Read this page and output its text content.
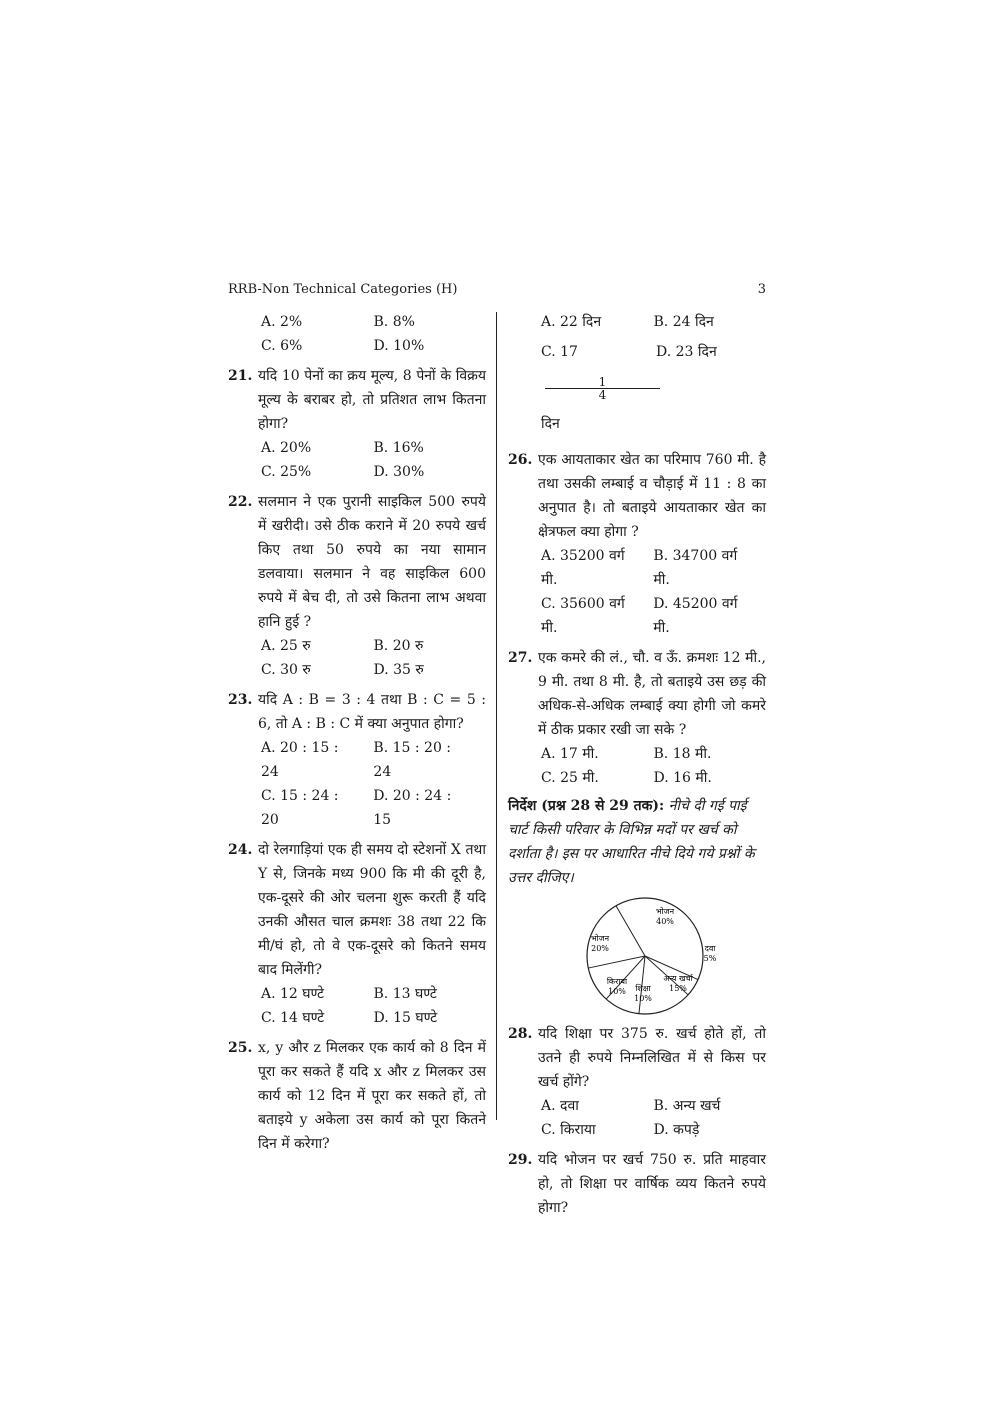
RRB-Non Technical Categories (H)	3
A. 2%	B. 8%
C. 6%	D. 10%
21. यदि 10 पेनों का क्रय मूल्य, 8 पेनों के विक्रय मूल्य के बराबर हो, तो प्रतिशत लाभ कितना होगा?
A. 20%	B. 16%
C. 25%	D. 30%
22. सलमान ने एक पुरानी साइकिल 500 रुपये में खरीदी। उसे ठीक कराने में 20 रुपये खर्च किए तथा 50 रुपये का नया सामान डलवाया। सलमान ने वह साइकिल 600 रुपये में बेच दी, तो उसे कितना लाभ अथवा हानि हुई ?
A. 25 रु	B. 20 रु
C. 30 रु	D. 35 रु
23. यदि A : B = 3 : 4 तथा B : C = 5 : 6, तो A : B : C में क्या अनुपात होगा?
A. 20 : 15 : 24
B. 15 : 20 : 24
C. 15 : 24 : 20
D. 20 : 24 : 15
24. दो रेलगाड़ियां एक ही समय दो स्टेशनों X तथा Y से, जिनके मध्य 900 कि मी की दूरी है, एक-दूसरे की ओर चलना शुरू करती हैं यदि उनकी औसत चाल क्रमशः 38 तथा 22 कि मी/घं हो, तो वे एक-दूसरे को कितने समय बाद मिलेंगी?
A. 12 घण्टे	B. 13 घण्टे
C. 14 घण्टे	D. 15 घण्टे
25. x, y और z मिलकर एक कार्य को 8 दिन में पूरा कर सकते हैं यदि x और z मिलकर उस कार्य को 12 दिन में पूरा कर सकते हों, तो बताइये y अकेला उस कार्य को पूरा कितने दिन में करेगा?
A. 22 दिन	B. 24 दिन
C. $17\frac{1}{4}दिन$
D. 23 दिन
26. एक आयताकार खेत का परिमाप 760 मी. है तथा उसकी लम्बाई व चौड़ाई में 11 : 8 का अनुपात है। तो बताइये आयताकार खेत का क्षेत्रफल क्या होगा ?
A. 35200 वर्ग मी.
B. 34700 वर्ग मी.
C. 35600 वर्ग मी.
D. 45200 वर्ग मी.
27. एक कमरे की लं., चौ. व ऊँ. क्रमशः 12 मी., 9 मी. तथा 8 मी. है, तो बताइये उस छड़ की अधिक-से-अधिक लम्बाई क्या होगी जो कमरे में ठीक प्रकार रखी जा सके ?
A. 17 मी.	B. 18 मी.
C. 25 मी.	D. 16 मी.
निर्देश (प्रश्न 28 से 29 तक): नीचे दी गई पाई चार्ट किसी परिवार के विभिन्न मदों पर खर्च को दर्शाता है। इस पर आधारित नीचे दिये गये प्रश्नों के उत्तर दीजिए।
भोजन
40%
दवा
5%
अन्य खर्चा
15%
शिक्षा
10%
किराया
10%
भोजन
20%
28. यदि शिक्षा पर 375 रु. खर्च होते हों, तो उतने ही रुपये निम्नलिखित में से किस पर खर्च होंगे?
A. दवा	B. अन्य खर्च
C. किराया	D. कपड़े
29. यदि भोजन पर खर्च 750 रु. प्रति माहवार हो, तो शिक्षा पर वार्षिक व्यय कितने रुपये होगा?
